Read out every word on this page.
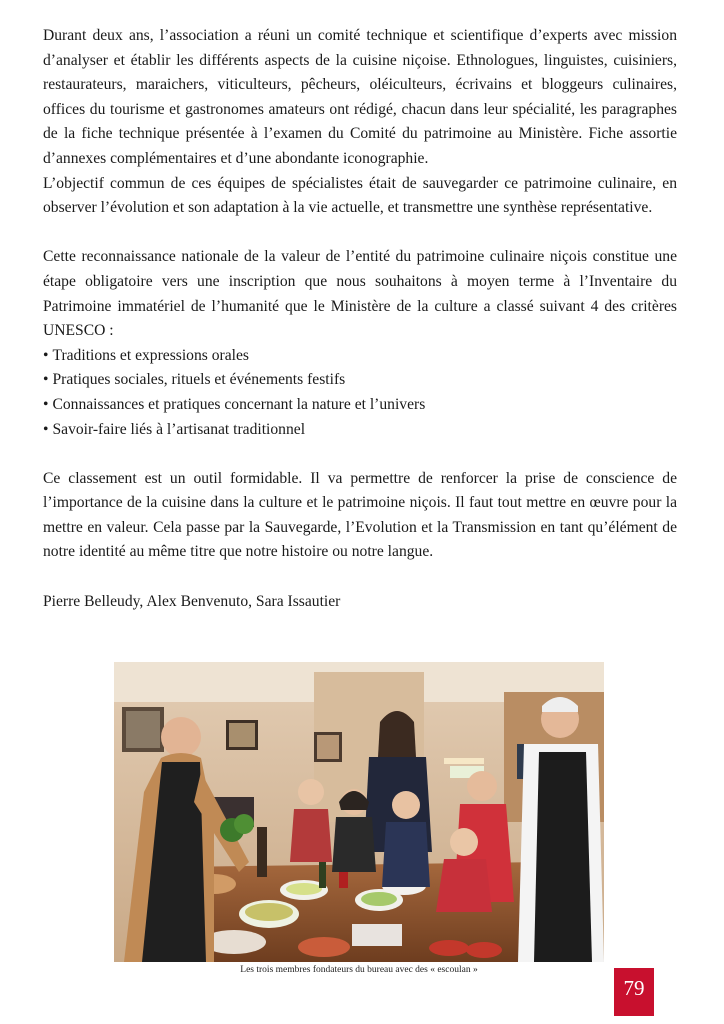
Durant deux ans, l’association a réuni un comité technique et scientifique d’experts avec mission d’analyser et établir les différents aspects de la cuisine niçoise. Ethnologues, linguistes, cuisiniers, restaurateurs, maraichers, viticulteurs, pêcheurs, oléiculteurs, écrivains et bloggeurs culinaires, offices du tourisme et gastronomes amateurs ont rédigé, chacun dans leur spécialité, les paragraphes de la fiche technique présentée à l’examen du Comité du patrimoine au Ministère. Fiche assortie d’annexes complémentaires et d’une abondante iconographie.

L’objectif commun de ces équipes de spécialistes était de sauvegarder ce patrimoine culinaire, en observer l’évolution et son adaptation à la vie actuelle, et transmettre une synthèse représentative.

Cette reconnaissance nationale de la valeur de l’entité du patrimoine culinaire niçois constitue une étape obligatoire vers une inscription que nous souhaitons à moyen terme à l’Inventaire du Patrimoine immatériel de l’humanité que le Ministère de la culture a classé suivant 4 des critères UNESCO :

• Traditions et expressions orales
• Pratiques sociales, rituels et événements festifs
• Connaissances et pratiques concernant la nature et l’univers
• Savoir-faire liés à l’artisanat traditionnel

Ce classement est un outil formidable. Il va permettre de renforcer la prise de conscience de l’importance de la cuisine dans la culture et le patrimoine niçois. Il faut tout mettre en œuvre pour la mettre en valeur. Cela passe par la Sauvegarde, l’Evolution et la Transmission en tant qu’élément de notre identité au même titre que notre histoire ou notre langue.

Pierre Belleudy, Alex Benvenuto, Sara Issautier

Les trois membres fondateurs du bureau avec des « escoulan »
79
